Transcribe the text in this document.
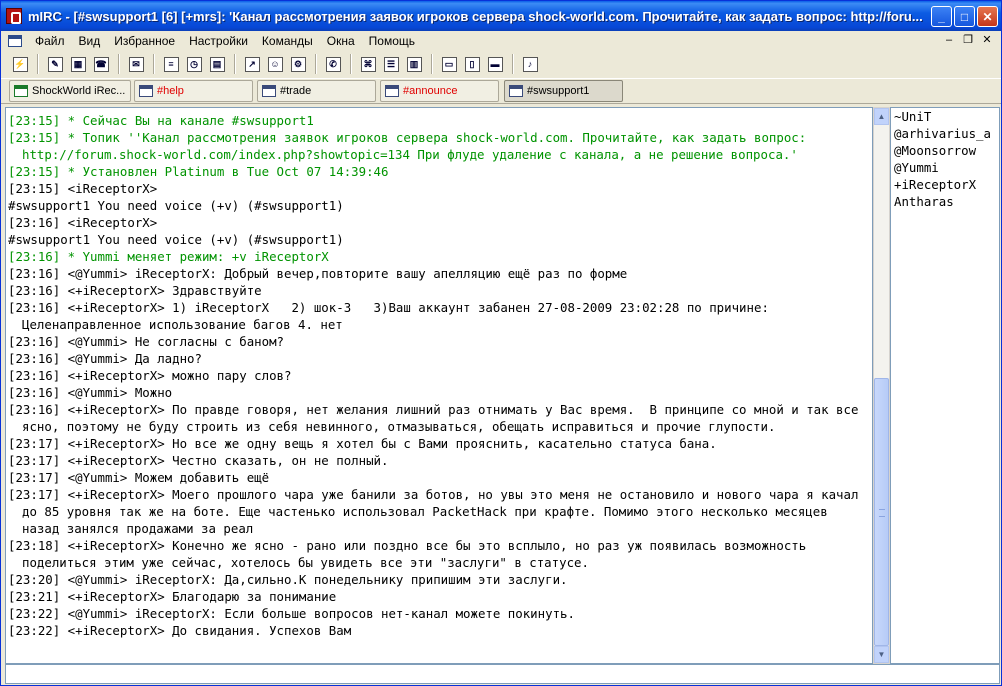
mIRC - [#swsupport1 [6] [+mrs]: 'Канал рассмотрения заявок игроков сервера shock-world.com. Прочитайте, как задать вопрос: http://foru...	_ □ ✕
Файл	Вид	Избранное	Настройки	Команды	Окна	Помощь	– ❐ ✕
⚡	✎	▦	☎	✉	≡	◷	▤	↗	☺	⚙	✆	⌘	☰	▥	▭	▯	▬	♪
ShockWorld iRec...	#help	#trade	#announce	#swsupport1
[23:15] * Сейчас Вы на канале #swsupport1
[23:15] * Топик ''Канал рассмотрения заявок игроков сервера shock-world.com. Прочитайте, как задать вопрос: http://forum.shock-world.com/index.php?showtopic=134 При флуде удаление с канала, а не решение вопроса.'
[23:15] * Установлен Platinum в Tue Oct 07 14:39:46
[23:15] <iReceptorX>
#swsupport1 You need voice (+v) (#swsupport1)
[23:16] <iReceptorX>
#swsupport1 You need voice (+v) (#swsupport1)
[23:16] * Yummi меняет режим: +v iReceptorX
[23:16] <@Yummi> iReceptorX: Добрый вечер,повторите вашу апелляцию ещё раз по форме
[23:16] <+iReceptorX> Здравствуйте
[23:16] <+iReceptorX> 1) iReceptorX   2) шок-3   3)Ваш аккаунт забанен 27-08-2009 23:02:28 по причине: Целенаправленное использование багов 4. нет
[23:16] <@Yummi> Не согласны с баном?
[23:16] <@Yummi> Да ладно?
[23:16] <+iReceptorX> можно пару слов?
[23:16] <@Yummi> Можно
[23:16] <+iReceptorX> По правде говоря, нет желания лишний раз отнимать у Вас время.  В принципе со мной и так все ясно, поэтому не буду строить из себя невинного, отмазываться, обещать исправиться и прочие глупости.
[23:17] <+iReceptorX> Но все же одну вещь я хотел бы с Вами прояснить, касательно статуса бана.
[23:17] <+iReceptorX> Честно сказать, он не полный.
[23:17] <@Yummi> Можем добавить ещё
[23:17] <+iReceptorX> Моего прошлого чара уже банили за ботов, но увы это меня не остановило и нового чара я качал до 85 уровня так же на боте. Еще частенько использовал PacketHack при крафте. Помимо этого несколько месяцев назад занялся продажами за реал
[23:18] <+iReceptorX> Конечно же ясно - рано или поздно все бы это всплыло, но раз уж появилась возможность поделиться этим уже сейчас, хотелось бы увидеть все эти "заслуги" в статусе.
[23:20] <@Yummi> iReceptorX: Да,сильно.К понедельнику припишим эти заслуги.
[23:21] <+iReceptorX> Благодарю за понимание
[23:22] <@Yummi> iReceptorX: Если больше вопросов нет-канал можете покинуть.
[23:22] <+iReceptorX> До свидания. Успехов Вам
▲
▼
~UniT
@arhivarius_a
@Moonsorrow
@Yummi
+iReceptorX
Antharas
